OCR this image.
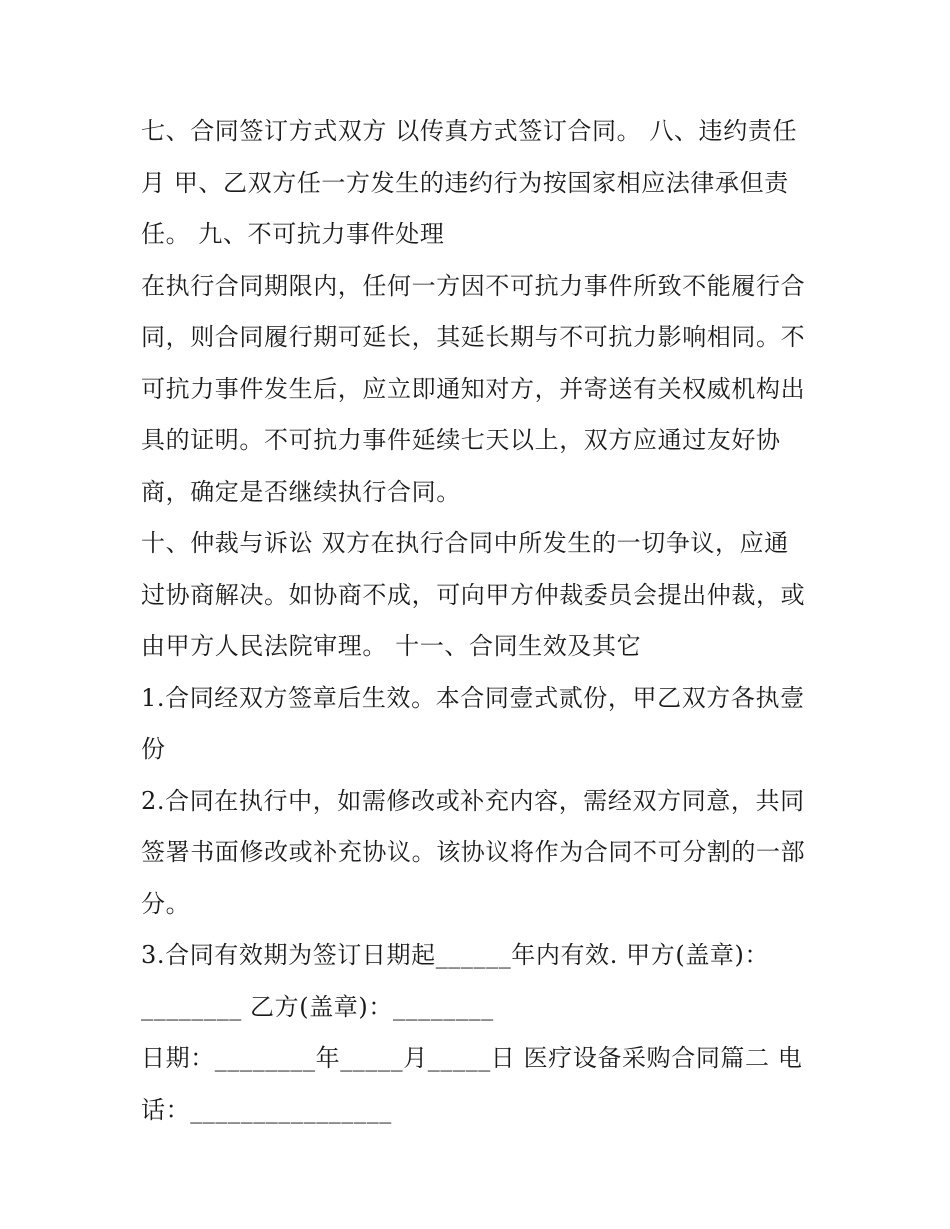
七、合同签订方式双方 以传真方式签订合同。 八、违约责任
月 甲、乙双方任一方发生的违约行为按国家相应法律承但责
任。 九、不可抗力事件处理
在执行合同期限内，任何一方因不可抗力事件所致不能履行合
同，则合同履行期可延长，其延长期与不可抗力影响相同。不
可抗力事件发生后，应立即通知对方，并寄送有关权威机构出
具的证明。不可抗力事件延续七天以上，双方应通过友好协
商，确定是否继续执行合同。
十、仲裁与诉讼 双方在执行合同中所发生的一切争议，应通
过协商解决。如协商不成，可向甲方仲裁委员会提出仲裁，或
由甲方人民法院审理。 十一、合同生效及其它
1.合同经双方签章后生效。本合同壹式贰份，甲乙双方各执壹
份
2.合同在执行中，如需修改或补充内容，需经双方同意，共同
签署书面修改或补充协议。该协议将作为合同不可分割的一部
分。
3.合同有效期为签订日期起______年内有效. 甲方(盖章)：
________ 乙方(盖章)：________
日期：________年_____月_____日 医疗设备采购合同篇二 电
话：________________
